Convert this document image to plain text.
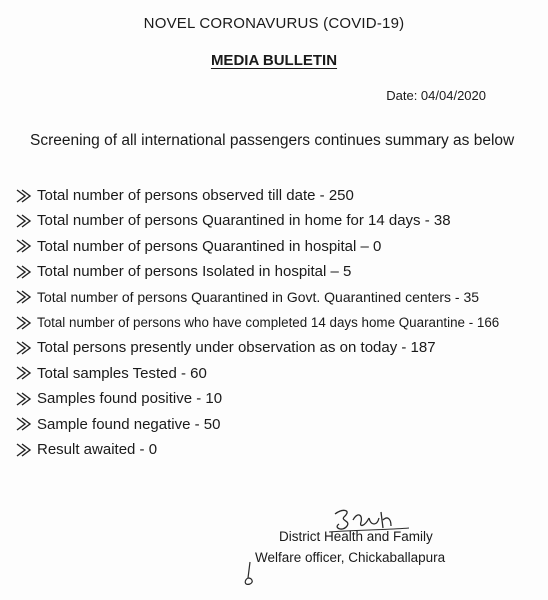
NOVEL CORONAVURUS (COVID-19)
MEDIA BULLETIN
Date: 04/04/2020
Screening of all international passengers continues summary as below
Total number of persons observed till date - 250
Total number of persons Quarantined in home for 14 days - 38
Total number of persons Quarantined in hospital – 0
Total number of persons Isolated in hospital – 5
Total number of persons Quarantined in Govt. Quarantined centers - 35
Total number of persons who have completed 14 days home Quarantine - 166
Total persons presently under observation as on today - 187
Total samples Tested - 60
Samples found positive - 10
Sample found negative - 50
Result awaited - 0
District Health and Family
Welfare officer, Chickaballapura
